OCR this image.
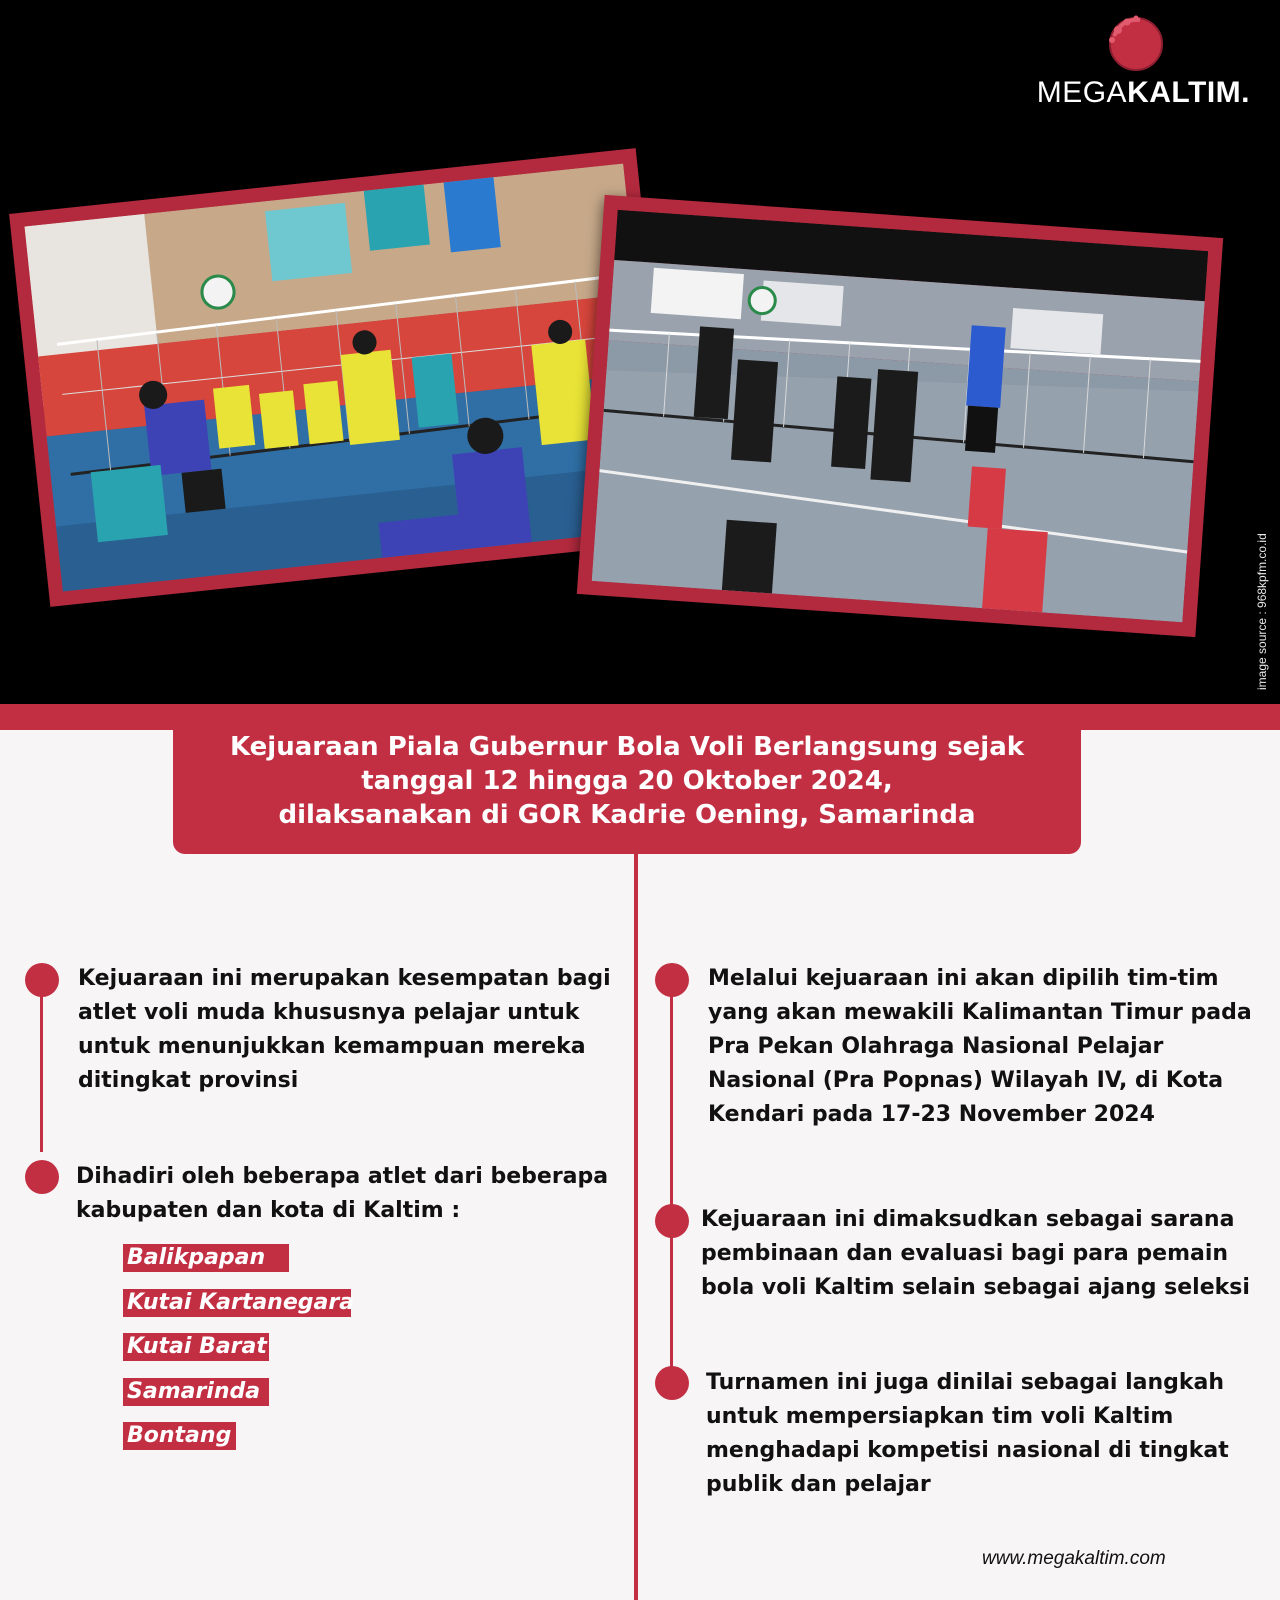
MEGAKALTIM.
image source : 968kpfm.co.id
Kejuaraan Piala Gubernur Bola Voli Berlangsung sejak
tanggal 12 hingga 20 Oktober 2024,
dilaksanakan di GOR Kadrie Oening, Samarinda
Kejuaraan ini merupakan kesempatan bagi
atlet voli muda khususnya pelajar untuk
untuk menunjukkan kemampuan mereka
ditingkat provinsi
Dihadiri oleh beberapa atlet dari beberapa
kabupaten dan kota di Kaltim :
Balikpapan
Kutai Kartanegara
Kutai Barat
Samarinda
Bontang
Melalui kejuaraan ini akan dipilih tim-tim
yang akan mewakili Kalimantan Timur pada
Pra Pekan Olahraga Nasional Pelajar
Nasional (Pra Popnas) Wilayah IV, di Kota
Kendari pada 17-23 November 2024
Kejuaraan ini dimaksudkan sebagai sarana
pembinaan dan evaluasi bagi para pemain
bola voli Kaltim selain sebagai ajang seleksi
Turnamen ini juga dinilai sebagai langkah
untuk mempersiapkan tim voli Kaltim
menghadapi kompetisi nasional di tingkat
publik dan pelajar
www.megakaltim.com
